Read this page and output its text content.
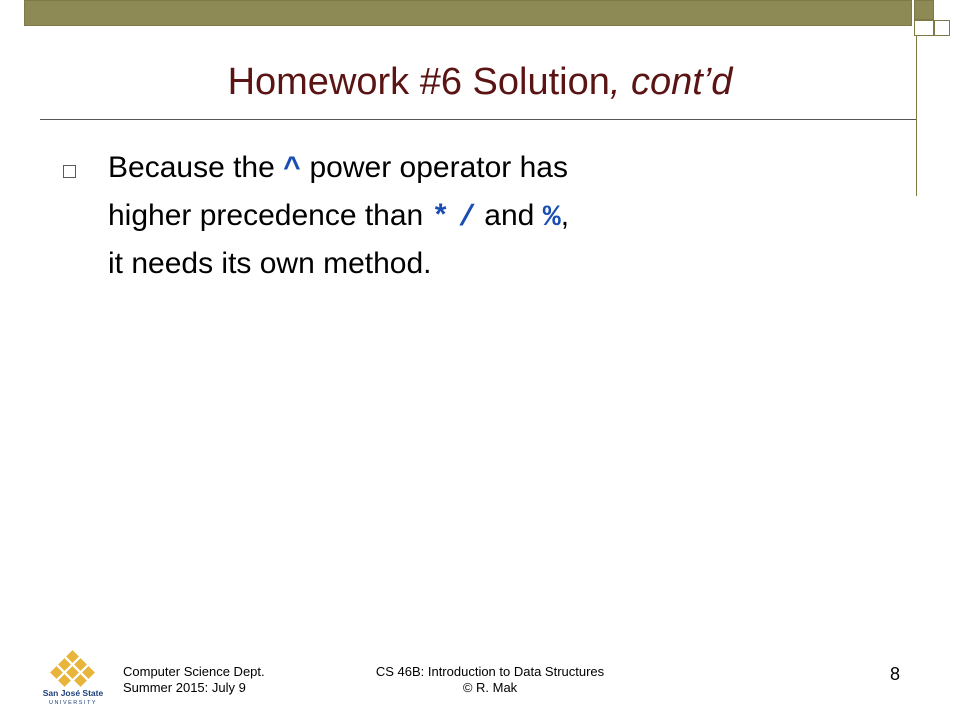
Homework #6 Solution, cont’d
Because the ^ power operator has
higher precedence than * / and %,
it needs its own method.
San José State
UNIVERSITY
Computer Science Dept.
Summer 2015: July 9
CS 46B: Introduction to Data Structures
© R. Mak
8
